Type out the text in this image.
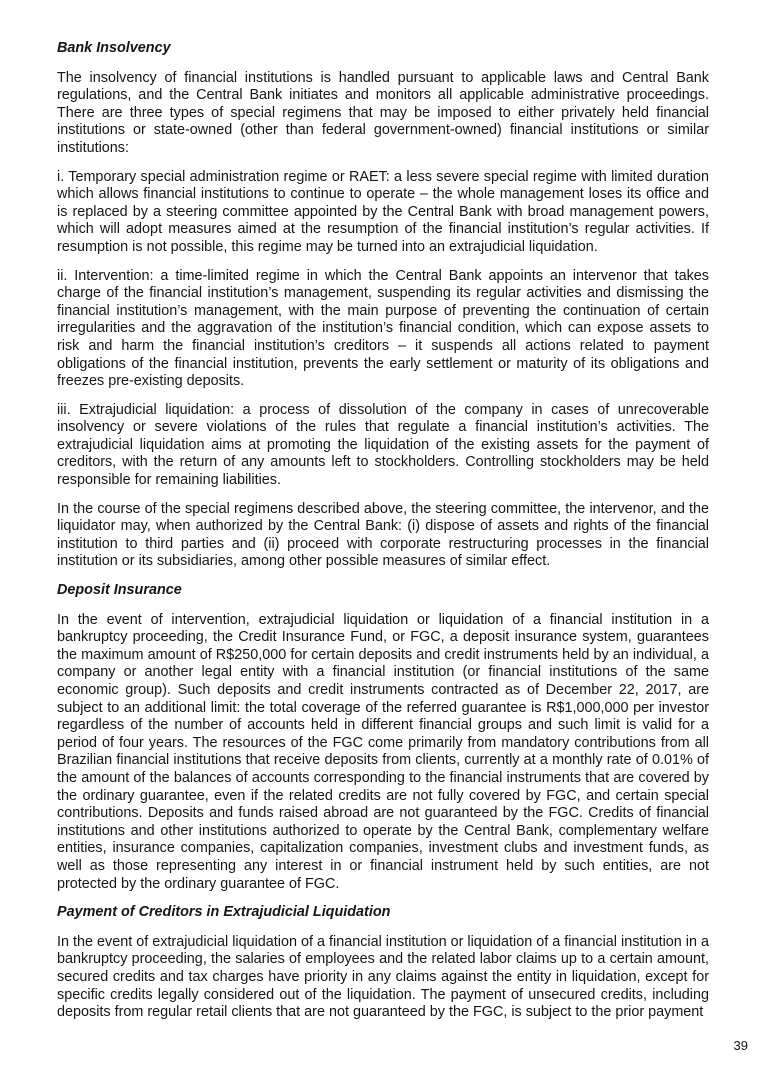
Bank Insolvency

The insolvency of financial institutions is handled pursuant to applicable laws and Central Bank regulations, and the Central Bank initiates and monitors all applicable administrative proceedings. There are three types of special regimens that may be imposed to either privately held financial institutions or state-owned (other than federal government-owned) financial institutions or similar institutions:

i. Temporary special administration regime or RAET: a less severe special regime with limited duration which allows financial institutions to continue to operate – the whole management loses its office and is replaced by a steering committee appointed by the Central Bank with broad management powers, which will adopt measures aimed at the resumption of the financial institution’s regular activities. If resumption is not possible, this regime may be turned into an extrajudicial liquidation.

ii. Intervention: a time-limited regime in which the Central Bank appoints an intervenor that takes charge of the financial institution’s management, suspending its regular activities and dismissing the financial institution’s management, with the main purpose of preventing the continuation of certain irregularities and the aggravation of the institution’s financial condition, which can expose assets to risk and harm the financial institution’s creditors – it suspends all actions related to payment obligations of the financial institution, prevents the early settlement or maturity of its obligations and freezes pre-existing deposits.

iii. Extrajudicial liquidation: a process of dissolution of the company in cases of unrecoverable insolvency or severe violations of the rules that regulate a financial institution’s activities. The extrajudicial liquidation aims at promoting the liquidation of the existing assets for the payment of creditors, with the return of any amounts left to stockholders. Controlling stockholders may be held responsible for remaining liabilities.

In the course of the special regimens described above, the steering committee, the intervenor, and the liquidator may, when authorized by the Central Bank: (i) dispose of assets and rights of the financial institution to third parties and (ii) proceed with corporate restructuring processes in the financial institution or its subsidiaries, among other possible measures of similar effect.

Deposit Insurance

In the event of intervention, extrajudicial liquidation or liquidation of a financial institution in a bankruptcy proceeding, the Credit Insurance Fund, or FGC, a deposit insurance system, guarantees the maximum amount of R$250,000 for certain deposits and credit instruments held by an individual, a company or another legal entity with a financial institution (or financial institutions of the same economic group). Such deposits and credit instruments contracted as of December 22, 2017, are subject to an additional limit: the total coverage of the referred guarantee is R$1,000,000 per investor regardless of the number of accounts held in different financial groups and such limit is valid for a period of four years. The resources of the FGC come primarily from mandatory contributions from all Brazilian financial institutions that receive deposits from clients, currently at a monthly rate of 0.01% of the amount of the balances of accounts corresponding to the financial instruments that are covered by the ordinary guarantee, even if the related credits are not fully covered by FGC, and certain special contributions. Deposits and funds raised abroad are not guaranteed by the FGC. Credits of financial institutions and other institutions authorized to operate by the Central Bank, complementary welfare entities, insurance companies, capitalization companies, investment clubs and investment funds, as well as those representing any interest in or financial instrument held by such entities, are not protected by the ordinary guarantee of FGC.

Payment of Creditors in Extrajudicial Liquidation

In the event of extrajudicial liquidation of a financial institution or liquidation of a financial institution in a bankruptcy proceeding, the salaries of employees and the related labor claims up to a certain amount, secured credits and tax charges have priority in any claims against the entity in liquidation, except for specific credits legally considered out of the liquidation. The payment of unsecured credits, including deposits from regular retail clients that are not guaranteed by the FGC, is subject to the prior payment

39
